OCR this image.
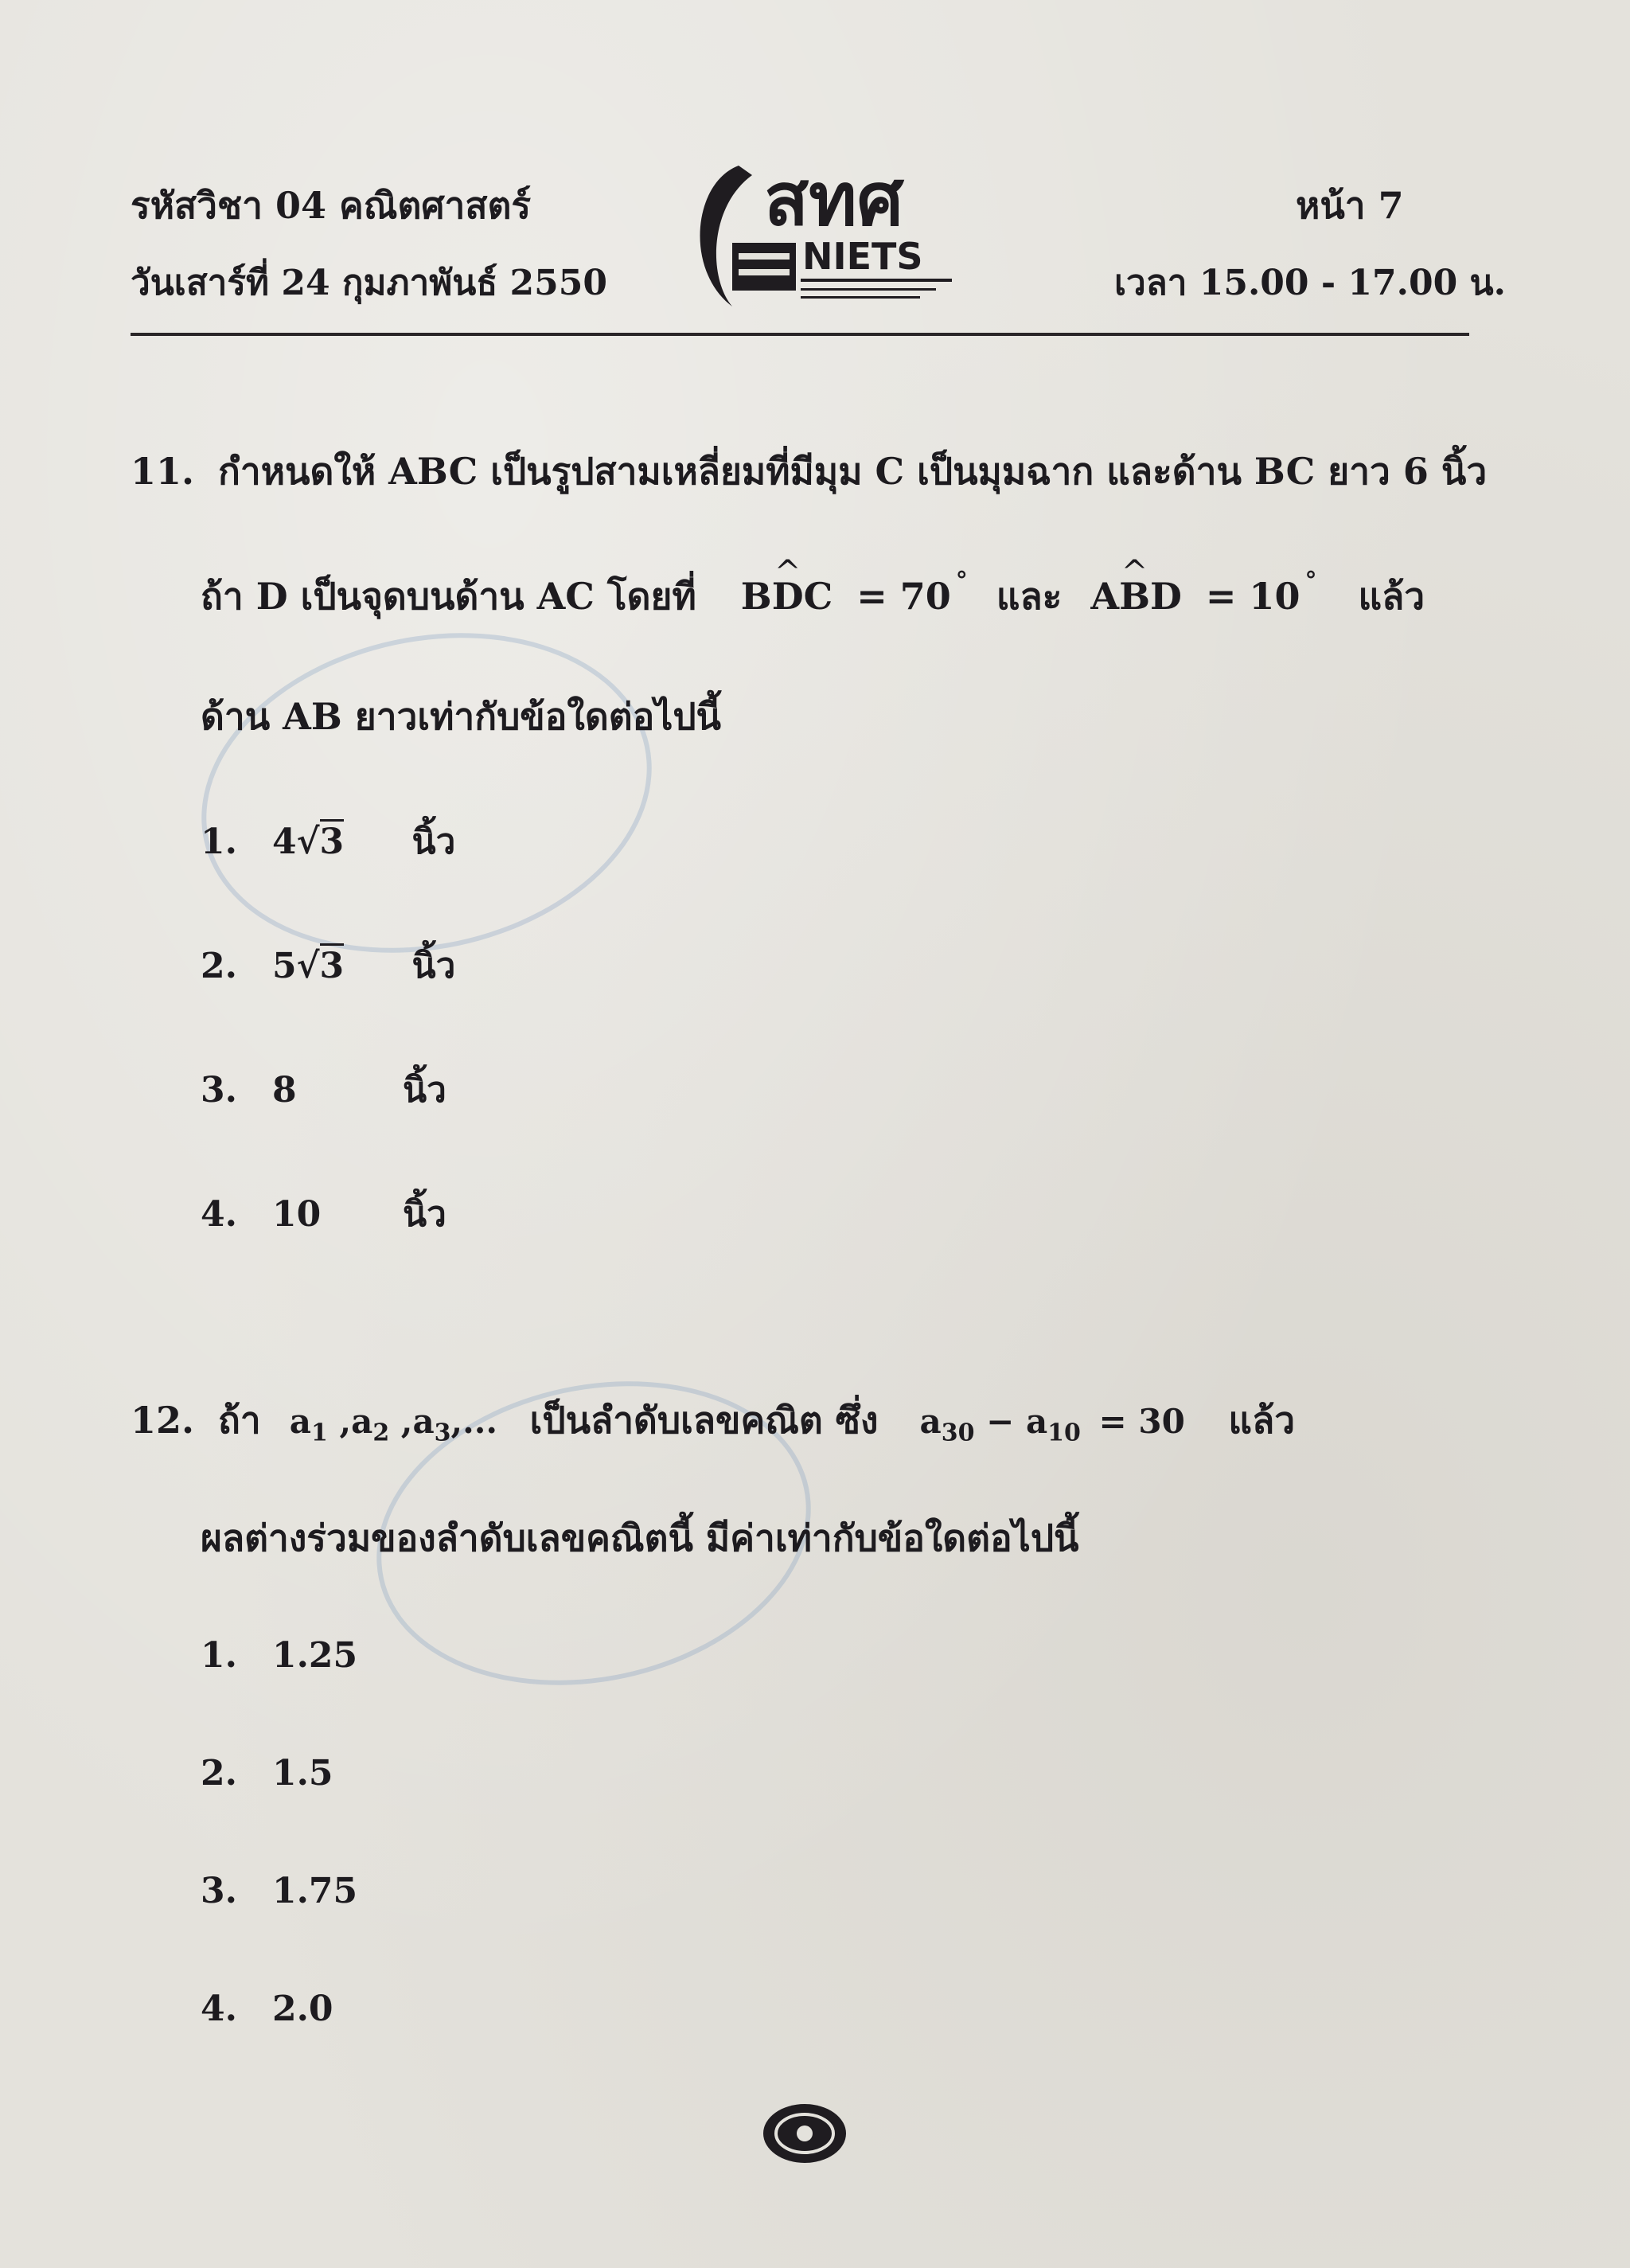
รหัสวิชา 04 คณิตศาสตร์
วันเสาร์ที่ 24 กุมภาพันธ์ 2550
หน้า 7
เวลา 15.00 - 17.00 น.
สทศ
NIETS
11. กำหนดให้ ABC เป็นรูปสามเหลี่ยมที่มีมุม C เป็นมุมฉาก และด้าน BC ยาว 6 นิ้ว
ถ้า D เป็นจุดบนด้าน AC โดยที่ B^ DC = 70 ° และ A^ BD = 10 ° แล้ว
ด้าน AB ยาวเท่ากับข้อใดต่อไปนี้
1. 4√3 นิ้ว
2. 5√3 นิ้ว
3. 8	นิ้ว
4. 10 นิ้ว
12. ถ้า $a_1$ $,a_2$ $,a_3$,... เป็นลำดับเลขคณิต ซึ่ง $a_{30} - a_{10} = 30$ แล้ว
ผลต่างร่วมของลำดับเลขคณิตนี้ มีค่าเท่ากับข้อใดต่อไปนี้
1. 1.25
2. 1.5
3. 1.75
4. 2.0
